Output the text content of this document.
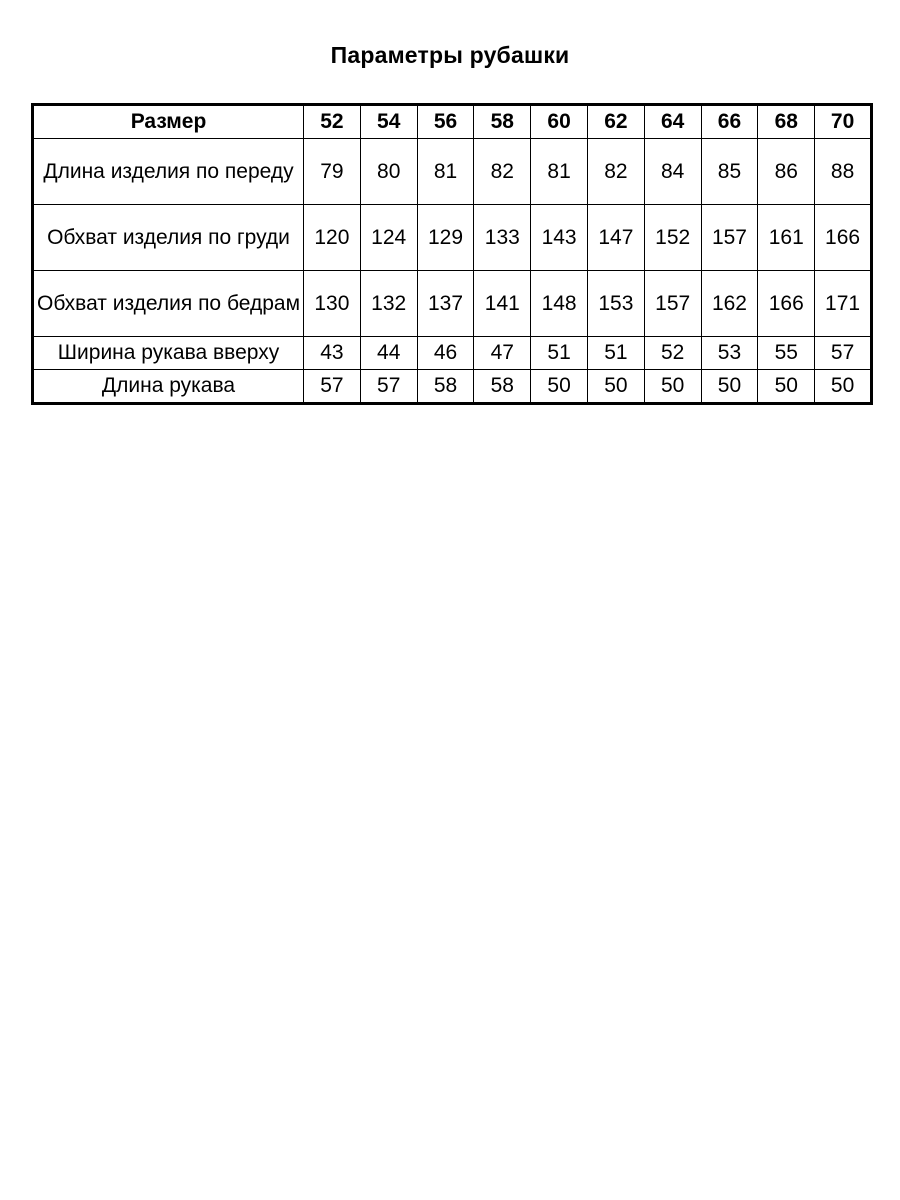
Параметры рубашки
Размер	52	54	56	58	60	62	64	66	68	70
Длина изделия по переду	79	80	81	82	81	82	84	85	86	88
Обхват изделия по груди	120	124	129	133	143	147	152	157	161	166
Обхват изделия по бедрам	130	132	137	141	148	153	157	162	166	171
Ширина рукава вверху	43	44	46	47	51	51	52	53	55	57
Длина рукава	57	57	58	58	50	50	50	50	50	50
